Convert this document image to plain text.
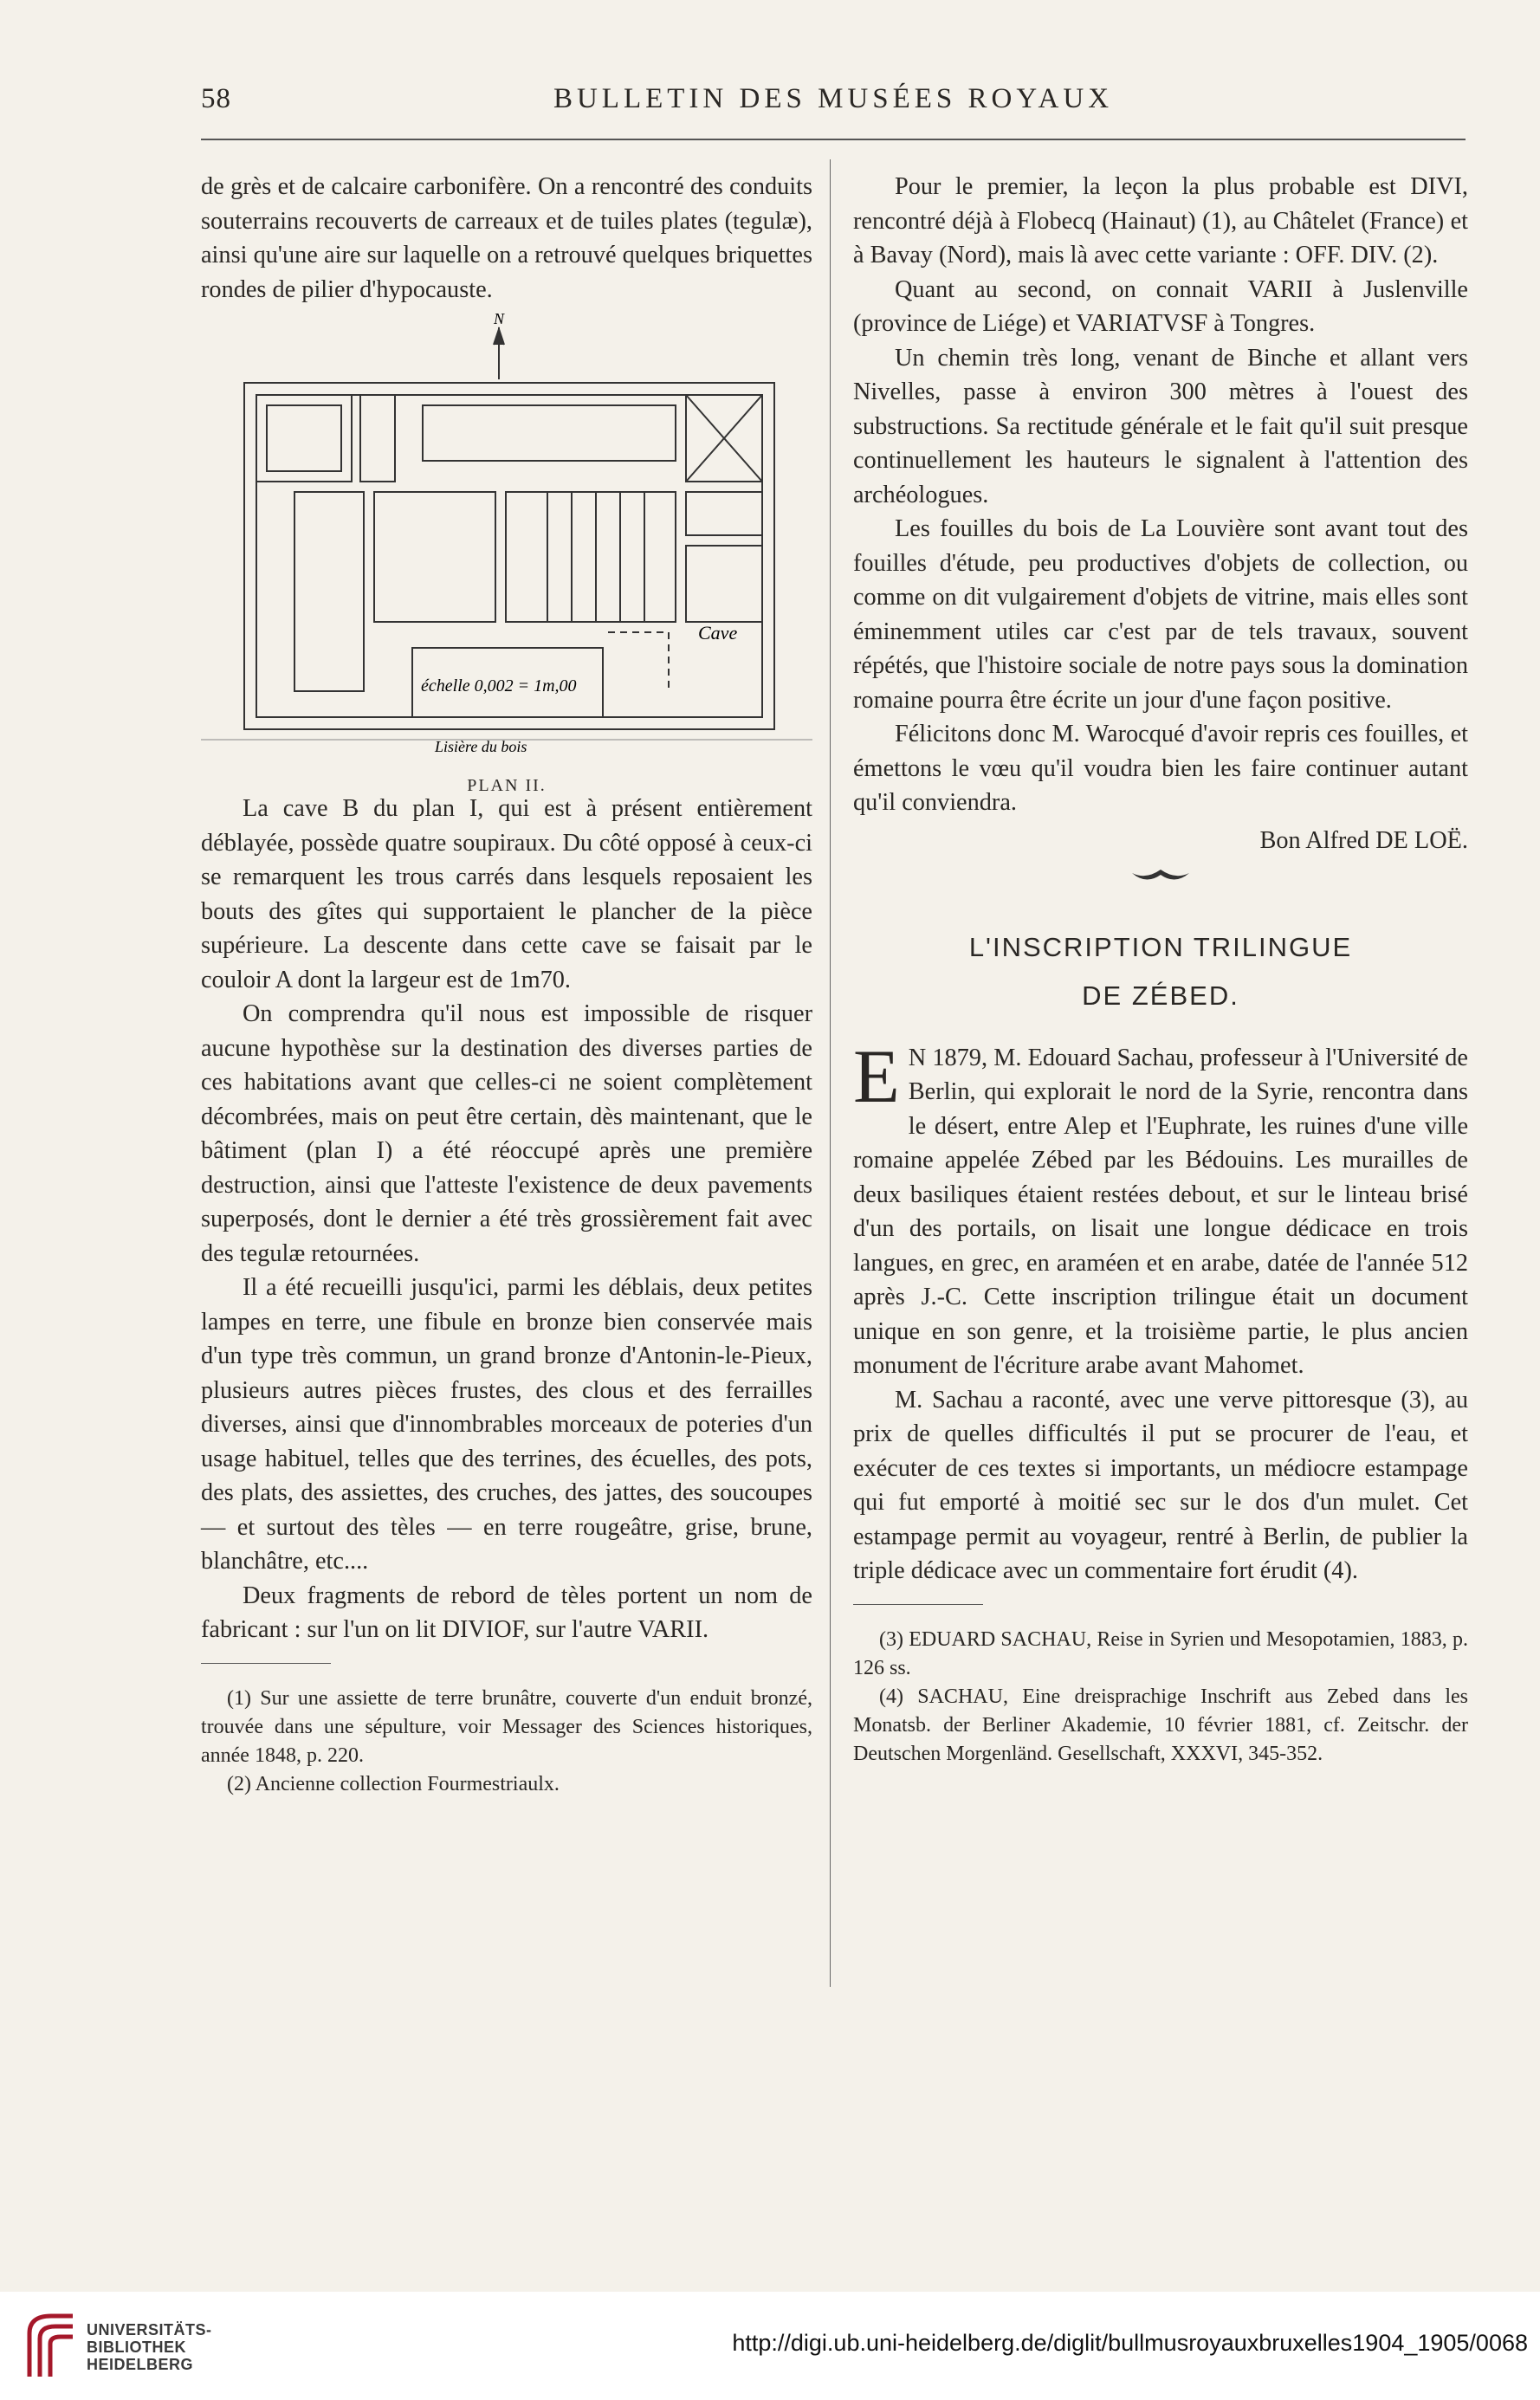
58	BULLETIN DES MUSÉES ROYAUX

de grès et de calcaire carbonifère. On a rencontré des conduits souterrains recouverts de carreaux et de tuiles plates (tegulæ), ainsi qu'une aire sur laquelle on a retrouvé quelques briquettes rondes de pilier d'hypocauste.

N
Cave
échelle 0,002 = 1m,00
Lisière du bois
PLAN II.

La cave B du plan I, qui est à présent entièrement déblayée, possède quatre soupiraux. Du côté opposé à ceux-ci se remarquent les trous carrés dans lesquels reposaient les bouts des gîtes qui supportaient le plancher de la pièce supérieure. La descente dans cette cave se faisait par le couloir A dont la largeur est de 1m70.

On comprendra qu'il nous est impossible de risquer aucune hypothèse sur la destination des diverses parties de ces habitations avant que celles-ci ne soient complètement décombrées, mais on peut être certain, dès maintenant, que le bâtiment (plan I) a été réoccupé après une première destruction, ainsi que l'atteste l'existence de deux pavements superposés, dont le dernier a été très grossièrement fait avec des tegulæ retournées.

Il a été recueilli jusqu'ici, parmi les déblais, deux petites lampes en terre, une fibule en bronze bien conservée mais d'un type très commun, un grand bronze d'Antonin-le-Pieux, plusieurs autres pièces frustes, des clous et des ferrailles diverses, ainsi que d'innombrables morceaux de poteries d'un usage habituel, telles que des terrines, des écuelles, des pots, des plats, des assiettes, des cruches, des jattes, des soucoupes — et surtout des tèles — en terre rougeâtre, grise, brune, blanchâtre, etc....

Deux fragments de rebord de tèles portent un nom de fabricant : sur l'un on lit DIVIOF, sur l'autre VARII.

(1) Sur une assiette de terre brunâtre, couverte d'un enduit bronzé, trouvée dans une sépulture, voir Messager des Sciences historiques, année 1848, p. 220.

(2) Ancienne collection Fourmestriaulx.

Pour le premier, la leçon la plus probable est DIVI, rencontré déjà à Flobecq (Hainaut) (1), au Châtelet (France) et à Bavay (Nord), mais là avec cette variante : OFF. DIV. (2).

Quant au second, on connait VARII à Juslenville (province de Liége) et VARIATVSF à Tongres.

Un chemin très long, venant de Binche et allant vers Nivelles, passe à environ 300 mètres à l'ouest des substructions. Sa rectitude générale et le fait qu'il suit presque continuellement les hauteurs le signalent à l'attention des archéologues.

Les fouilles du bois de La Louvière sont avant tout des fouilles d'étude, peu productives d'objets de collection, ou comme on dit vulgairement d'objets de vitrine, mais elles sont éminemment utiles car c'est par de tels travaux, souvent répétés, que l'histoire sociale de notre pays sous la domination romaine pourra être écrite un jour d'une façon positive.

Félicitons donc M. Warocqué d'avoir repris ces fouilles, et émettons le vœu qu'il voudra bien les faire continuer autant qu'il conviendra.

Bon Alfred DE LOË.
L'INSCRIPTION TRILINGUE
DE ZÉBED.

E N 1879, M. Edouard Sachau, professeur à l'Université de Berlin, qui explorait le nord de la Syrie, rencontra dans le désert, entre Alep et l'Euphrate, les ruines d'une ville romaine appelée Zébed par les Bédouins. Les murailles de deux basiliques étaient restées debout, et sur le linteau brisé d'un des portails, on lisait une longue dédicace en trois langues, en grec, en araméen et en arabe, datée de l'année 512 après J.-C. Cette inscription trilingue était un document unique en son genre, et la troisième partie, le plus ancien monument de l'écriture arabe avant Mahomet.

M. Sachau a raconté, avec une verve pittoresque (3), au prix de quelles difficultés il put se procurer de l'eau, et exécuter de ces textes si importants, un médiocre estampage qui fut emporté à moitié sec sur le dos d'un mulet. Cet estampage permit au voyageur, rentré à Berlin, de publier la triple dédicace avec un commentaire fort érudit (4).

(3) EDUARD SACHAU, Reise in Syrien und Mesopotamien, 1883, p. 126 ss.

(4) SACHAU, Eine dreisprachige Inschrift aus Zebed dans les Monatsb. der Berliner Akademie, 10 février 1881, cf. Zeitschr. der Deutschen Morgenländ. Gesellschaft, XXXVI, 345-352.

UNIVERSITÄTS-
BIBLIOTHEK
HEIDELBERG
http://digi.ub.uni-heidelberg.de/diglit/bullmusroyauxbruxelles1904_1905/0068
